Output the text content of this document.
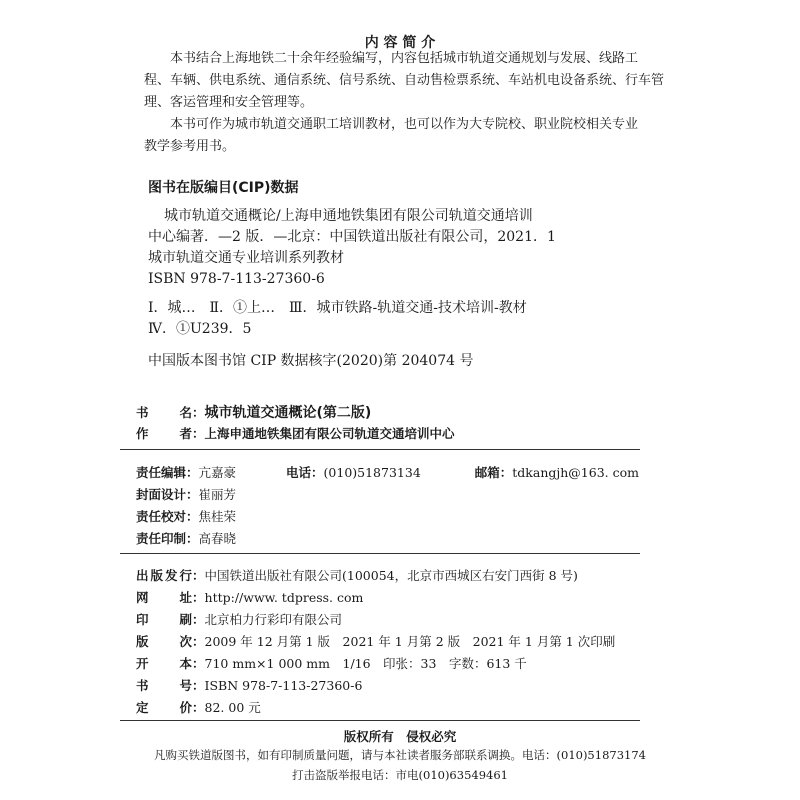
内 容 简 介
　　本书结合上海地铁二十余年经验编写，内容包括城市轨道交通规划与发展、线路工
程、车辆、供电系统、通信系统、信号系统、自动售检票系统、车站机电设备系统、行车管
理、客运管理和安全管理等。
　　本书可作为城市轨道交通职工培训教材，也可以作为大专院校、职业院校相关专业
教学参考用书。
图书在版编目(CIP)数据
城市轨道交通概论/上海申通地铁集团有限公司轨道交通培训
中心编著．—2 版．—北京：中国铁道出版社有限公司，2021．1
城市轨道交通专业培训系列教材
ISBN 978-7-113-27360-6
Ⅰ．城…　Ⅱ．①上…　Ⅲ．城市铁路-轨道交通-技术培训-教材
Ⅳ．①U239．5
中国版本图书馆 CIP 数据核字(2020)第 204074 号
书 名 ：城市轨道交通概论(第二版)
作 者 ：上海申通地铁集团有限公司轨道交通培训中心
责任编辑：亢嘉豪	电话：(010)51873134	邮箱：tdkangjh@163. com
封面设计：崔丽芳
责任校对：焦桂荣
责任印制：高春晓
出 版 发 行 ：中国铁道出版社有限公司(100054，北京市西城区右安门西街 8 号)
网 址 ：http://www. tdpress. com
印 刷 ：北京柏力行彩印有限公司
版 次 ：2009 年 12 月第 1 版　2021 年 1 月第 2 版　2021 年 1 月第 1 次印刷
开 本 ：710 mm×1 000 mm　1/16　印张：33　字数：613 千
书 号 ：ISBN 978-7-113-27360-6
定 价 ：82. 00 元
版权所有　侵权必究
凡购买铁道版图书，如有印制质量问题，请与本社读者服务部联系调换。电话：(010)51873174
打击盗版举报电话：市电(010)63549461
